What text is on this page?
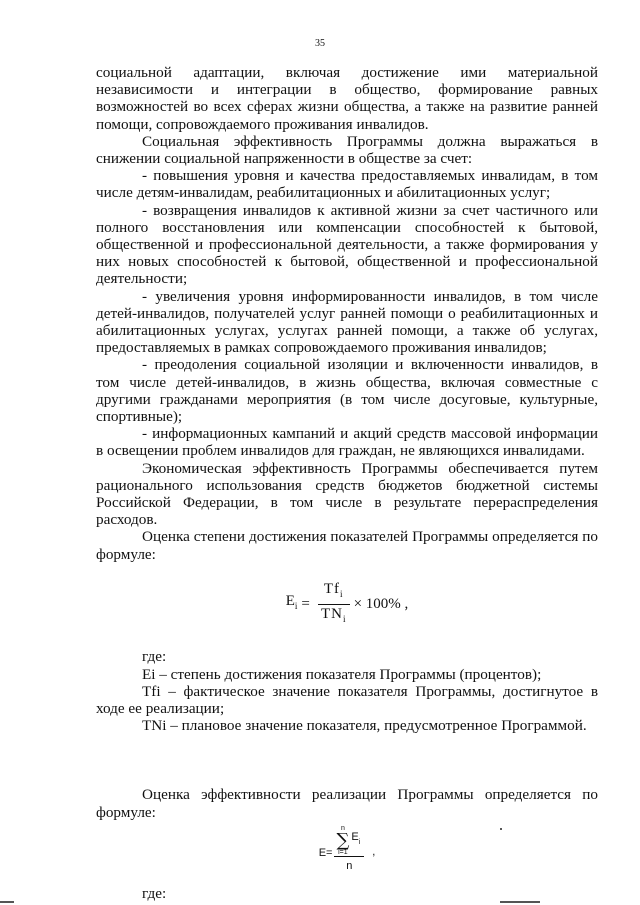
35

социальной адаптации, включая достижение ими материальной независимости и интеграции в общество, формирование равных возможностей во всех сферах жизни общества, а также на развитие ранней помощи, сопровождаемого проживания инвалидов.

Социальная эффективность Программы должна выражаться в снижении социальной напряженности в обществе за счет:

- повышения уровня и качества предоставляемых инвалидам, в том числе детям-инвалидам, реабилитационных и абилитационных услуг;

- возвращения инвалидов к активной жизни за счет частичного или полного восстановления или компенсации способностей к бытовой, общественной и профессиональной деятельности, а также формирования у них новых способностей к бытовой, общественной и профессиональной деятельности;

- увеличения уровня информированности инвалидов, в том числе детей-инвалидов, получателей услуг ранней помощи о реабилитационных и абилитационных услугах, услугах ранней помощи, а также об услугах, предоставляемых в рамках сопровождаемого проживания инвалидов;

- преодоления социальной изоляции и включенности инвалидов, в том числе детей-инвалидов, в жизнь общества, включая совместные с другими гражданами мероприятия (в том числе досуговые, культурные, спортивные);

- информационных кампаний и акций средств массовой информации в освещении проблем инвалидов для граждан, не являющихся инвалидами.

Экономическая эффективность Программы обеспечивается путем рационального использования средств бюджетов бюджетной системы Российской Федерации, в том числе в результате перераспределения расходов.

Оценка степени достижения показателей Программы определяется по формуле:

$E_i = \frac{Tf_i}{TN_i} \times 100\%$ ,

где:

Ei – степень достижения показателя Программы (процентов);

Tfi – фактическое значение показателя Программы, достигнутое в ходе ее реализации;

TNi – плановое значение показателя, предусмотренное Программой.

Оценка эффективности реализации Программы определяется по формуле:

E= n
∑
i=1
$E_i$
n ,

где:
